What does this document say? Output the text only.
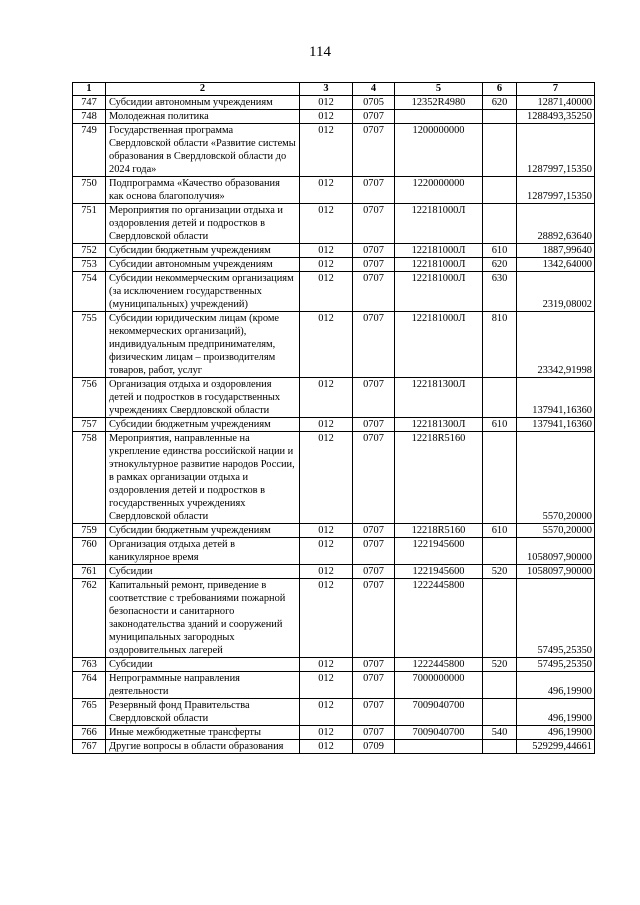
114
1	2	3	4	5	6	7
747	Субсидии автономным учреждениям	012	0705	12352R4980	620	12871,40000
748	Молодежная политика	012	0707			1288493,35250
749	Государственная программа Свердловской области «Развитие системы образования в Свердловской области до 2024 года»	012	0707	1200000000		1287997,15350
750	Подпрограмма «Качество образования как основа благополучия»	012	0707	1220000000		1287997,15350
751	Мероприятия по организации отдыха и оздоровления детей и подростков в Свердловской области	012	0707	122181000Л		28892,63640
752	Субсидии бюджетным учреждениям	012	0707	122181000Л	610	1887,99640
753	Субсидии автономным учреждениям	012	0707	122181000Л	620	1342,64000
754	Субсидии некоммерческим организациям (за исключением государственных (муниципальных) учреждений)	012	0707	122181000Л	630	2319,08002
755	Субсидии юридическим лицам (кроме некоммерческих организаций), индивидуальным предпринимателям, физическим лицам – производителям товаров, работ, услуг	012	0707	122181000Л	810	23342,91998
756	Организация отдыха и оздоровления детей и подростков в государственных учреждениях Свердловской области	012	0707	122181300Л		137941,16360
757	Субсидии бюджетным учреждениям	012	0707	122181300Л	610	137941,16360
758	Мероприятия, направленные на укрепление единства российской нации и этнокультурное развитие народов России, в рамках организации отдыха и оздоровления детей и подростков в государственных учреждениях Свердловской области	012	0707	12218R5160		5570,20000
759	Субсидии бюджетным учреждениям	012	0707	12218R5160	610	5570,20000
760	Организация отдыха детей в каникулярное время	012	0707	1221945600		1058097,90000
761	Субсидии	012	0707	1221945600	520	1058097,90000
762	Капитальный ремонт, приведение в соответствие с требованиями пожарной безопасности и санитарного законодательства зданий и сооружений муниципальных загородных оздоровительных лагерей	012	0707	1222445800		57495,25350
763	Субсидии	012	0707	1222445800	520	57495,25350
764	Непрограммные направления деятельности	012	0707	7000000000		496,19900
765	Резервный фонд Правительства Свердловской области	012	0707	7009040700		496,19900
766	Иные межбюджетные трансферты	012	0707	7009040700	540	496,19900
767	Другие вопросы в области образования	012	0709			529299,44661
